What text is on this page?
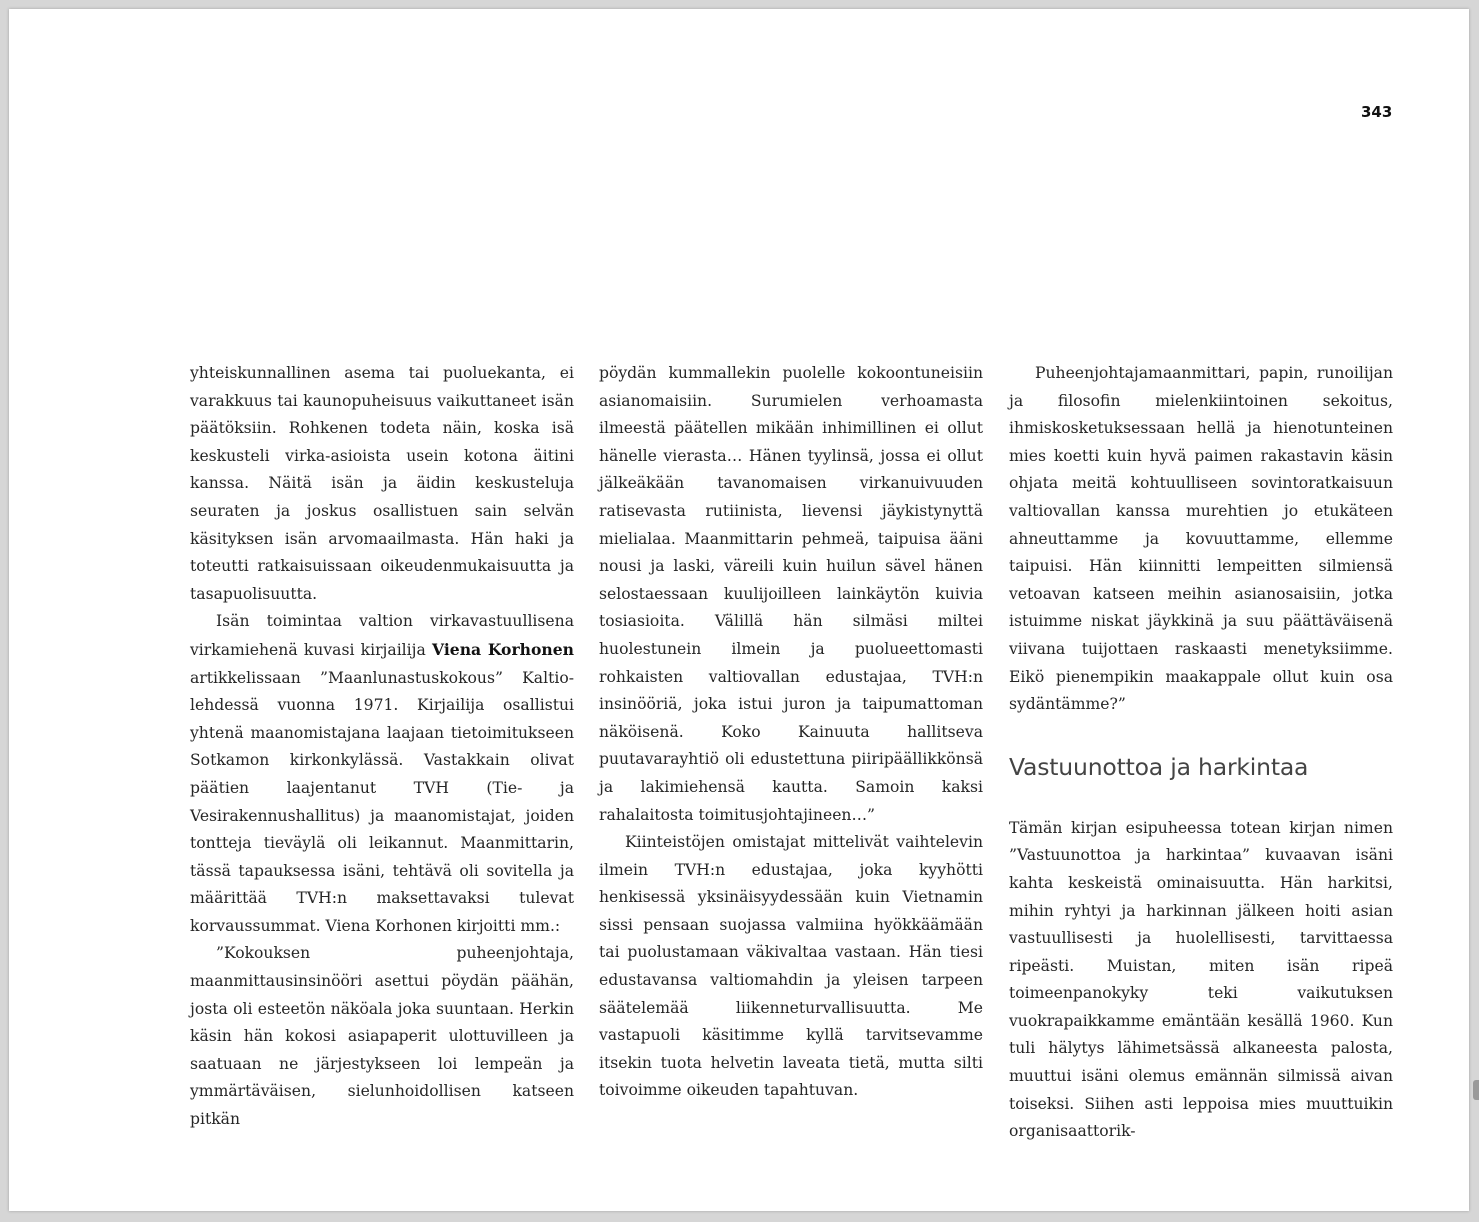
343

yhteiskunnallinen asema tai puoluekanta, ei varakkuus tai kaunopuheisuus vaikuttaneet isän päätöksiin. Rohkenen todeta näin, koska isä keskusteli virka-asioista usein kotona äitini kanssa. Näitä isän ja äidin keskusteluja seuraten ja joskus osallistuen sain selvän käsityksen isän arvomaailmasta. Hän haki ja toteutti ratkaisuissaan oikeudenmukaisuutta ja tasapuolisuutta.

Isän toimintaa valtion virkavastuullisena virkamiehenä kuvasi kirjailija Viena Korhonen artikkelissaan ”Maanlunastuskokous” Kaltio-lehdessä vuonna 1971. Kirjailija osallistui yhtenä maanomistajana laajaan tietoimitukseen Sotkamon kirkonkylässä. Vastakkain olivat päätien laajentanut TVH (Tie- ja Vesirakennushallitus) ja maanomistajat, joiden tontteja tieväylä oli leikannut. Maanmittarin, tässä tapauksessa isäni, tehtävä oli sovitella ja määrittää TVH:n maksettavaksi tulevat korvaussummat. Viena Korhonen kirjoitti mm.:

”Kokouksen puheenjohtaja, maanmittausinsinööri asettui pöydän päähän, josta oli esteetön näköala joka suuntaan. Herkin käsin hän kokosi asiapaperit ulottuvilleen ja saatuaan ne järjestykseen loi lempeän ja ymmärtäväisen, sielunhoidollisen katseen pitkän

pöydän kummallekin puolelle kokoontuneisiin asianomaisiin. Surumielen verhoamasta ilmeestä päätellen mikään inhimillinen ei ollut hänelle vierasta… Hänen tyylinsä, jossa ei ollut jälkeäkään tavanomaisen virkanuivuuden ratisevasta rutiinista, lievensi jäykistynyttä mielialaa. Maanmittarin pehmeä, taipuisa ääni nousi ja laski, väreili kuin huilun sävel hänen selostaessaan kuulijoilleen lainkäytön kuivia tosiasioita. Välillä hän silmäsi miltei huolestunein ilmein ja puolueettomasti rohkaisten valtiovallan edustajaa, TVH:n insinööriä, joka istui juron ja taipumattoman näköisenä. Koko Kainuuta hallitseva puutavarayhtiö oli edustettuna piiripäällikkönsä ja lakimiehensä kautta. Samoin kaksi rahalaitosta toimitusjohtajineen…”

Kiinteistöjen omistajat mittelivät vaihtelevin ilmein TVH:n edustajaa, joka kyyhötti henkisessä yksinäisyydessään kuin Vietnamin sissi pensaan suojassa valmiina hyökkäämään tai puolustamaan väkivaltaa vastaan. Hän tiesi edustavansa valtiomahdin ja yleisen tarpeen säätelemää liikenneturvallisuutta. Me vastapuoli käsitimme kyllä tarvitsevamme itsekin tuota helvetin laveata tietä, mutta silti toivoimme oikeuden tapahtuvan.

Puheenjohtajamaanmittari, papin, runoilijan ja filosofin mielenkiintoinen sekoitus, ihmiskosketuksessaan hellä ja hienotunteinen mies koetti kuin hyvä paimen rakastavin käsin ohjata meitä kohtuulliseen sovintoratkaisuun valtiovallan kanssa murehtien jo etukäteen ahneuttamme ja kovuuttamme, ellemme taipuisi. Hän kiinnitti lempeitten silmiensä vetoavan katseen meihin asianosaisiin, jotka istuimme niskat jäykkinä ja suu päättäväisenä viivana tuijottaen raskaasti menetyksiimme. Eikö pienempikin maakappale ollut kuin osa sydäntämme?”

Vastuunottoa ja harkintaa

Tämän kirjan esipuheessa totean kirjan nimen ”Vastuunottoa ja harkintaa” kuvaavan isäni kahta keskeistä ominaisuutta. Hän harkitsi, mihin ryhtyi ja harkinnan jälkeen hoiti asian vastuullisesti ja huolellisesti, tarvittaessa ripeästi. Muistan, miten isän ripeä toimeenpanokyky teki vaikutuksen vuokrapaikkamme emäntään kesällä 1960. Kun tuli hälytys lähimetsässä alkaneesta palosta, muuttui isäni olemus emännän silmissä aivan toiseksi. Siihen asti leppoisa mies muuttuikin organisaattorik-
